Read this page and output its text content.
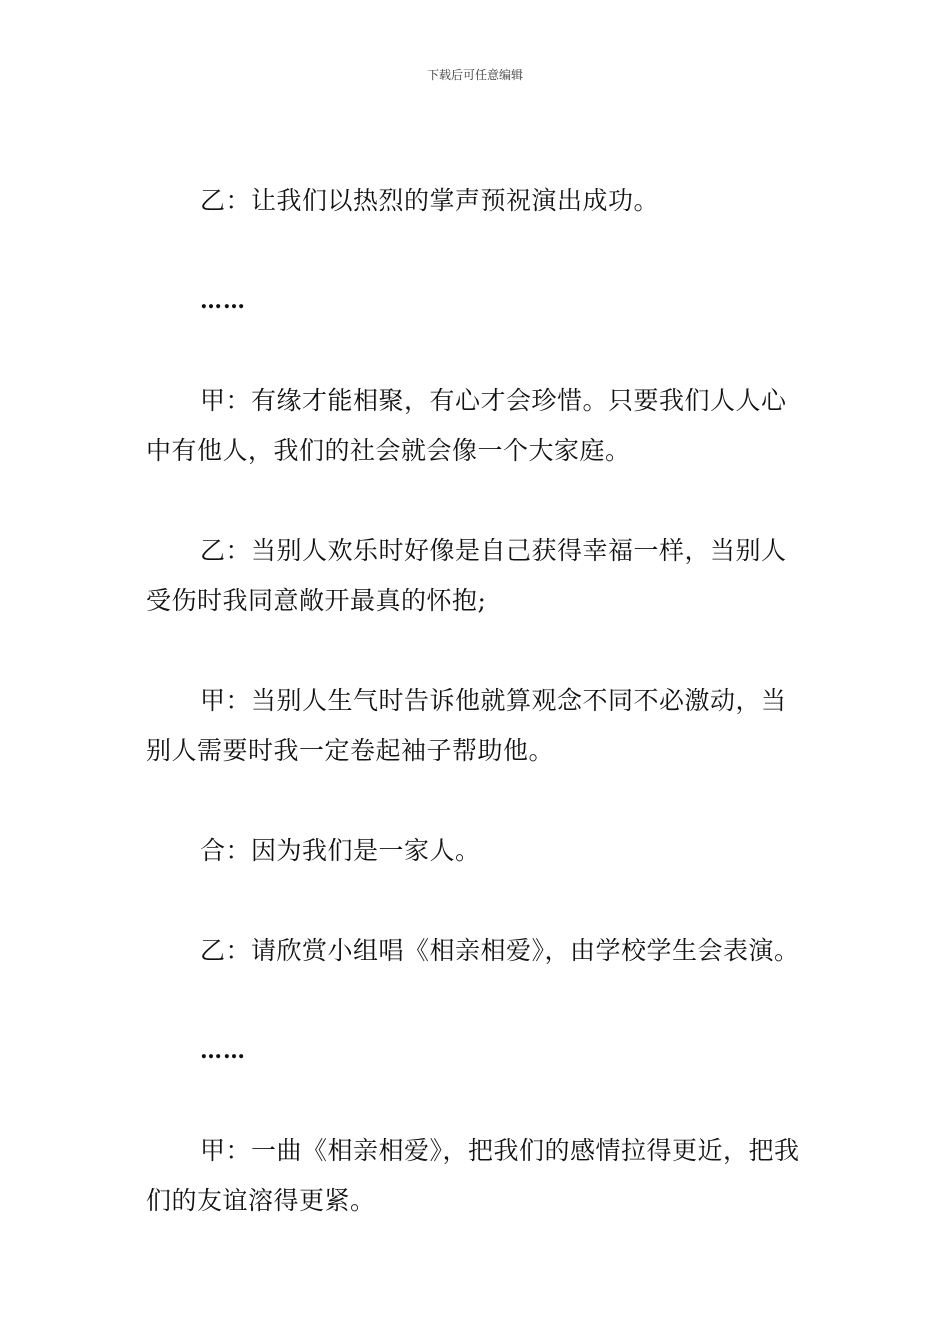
下载后可任意编辑

乙：让我们以热烈的掌声预祝演出成功。

……

甲：有缘才能相聚，有心才会珍惜。只要我们人人心中有他人，我们的社会就会像一个大家庭。

乙：当别人欢乐时好像是自己获得幸福一样，当别人受伤时我同意敞开最真的怀抱;

甲：当别人生气时告诉他就算观念不同不必激动，当别人需要时我一定卷起袖子帮助他。

合：因为我们是一家人。

乙：请欣赏小组唱《相亲相爱》，由学校学生会表演。

……

甲：一曲《相亲相爱》，把我们的感情拉得更近，把我们的友谊溶得更紧。
